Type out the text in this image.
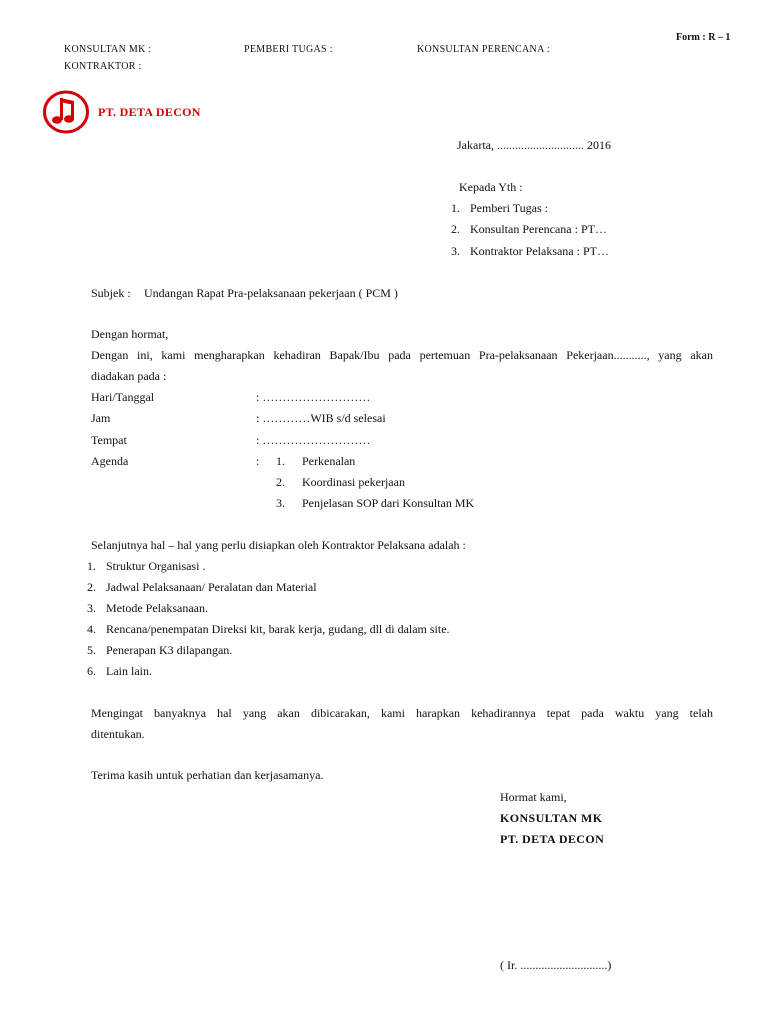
Form : R – 1
KONSULTAN MK :	PEMBERI TUGAS :	KONSULTAN PERENCANA :
KONTRAKTOR :
PT. DETA DECON
Jakarta, ............................. 2016
Kepada Yth :
1. Pemberi Tugas :
2. Konsultan Perencana : PT…
3. Kontraktor Pelaksana : PT…
Subjek : Undangan Rapat Pra-pelaksanaan pekerjaan ( PCM )
Dengan hormat,
Dengan ini, kami mengharapkan kehadiran Bapak/Ibu pada pertemuan Pra-pelaksanaan Pekerjaan..........., yang akan
diadakan pada :
Hari/Tanggal	: ………………………
Jam	: …………WIB s/d selesai
Tempat	: ………………………
Agenda	: 1. Perkenalan
2. Koordinasi pekerjaan
3. Penjelasan SOP dari Konsultan MK
Selanjutnya hal – hal yang perlu disiapkan oleh Kontraktor Pelaksana adalah :
1. Struktur Organisasi .
2. Jadwal Pelaksanaan/ Peralatan dan Material
3. Metode Pelaksanaan.
4. Rencana/penempatan Direksi kit, barak kerja, gudang, dll di dalam site.
5. Penerapan K3 dilapangan.
6. Lain lain.
Mengingat banyaknya hal yang akan dibicarakan, kami harapkan kehadirannya tepat pada waktu yang telah
ditentukan.
Terima kasih untuk perhatian dan kerjasamanya.
Hormat kami,
KONSULTAN MK
PT. DETA DECON
( Ir. .............................)
